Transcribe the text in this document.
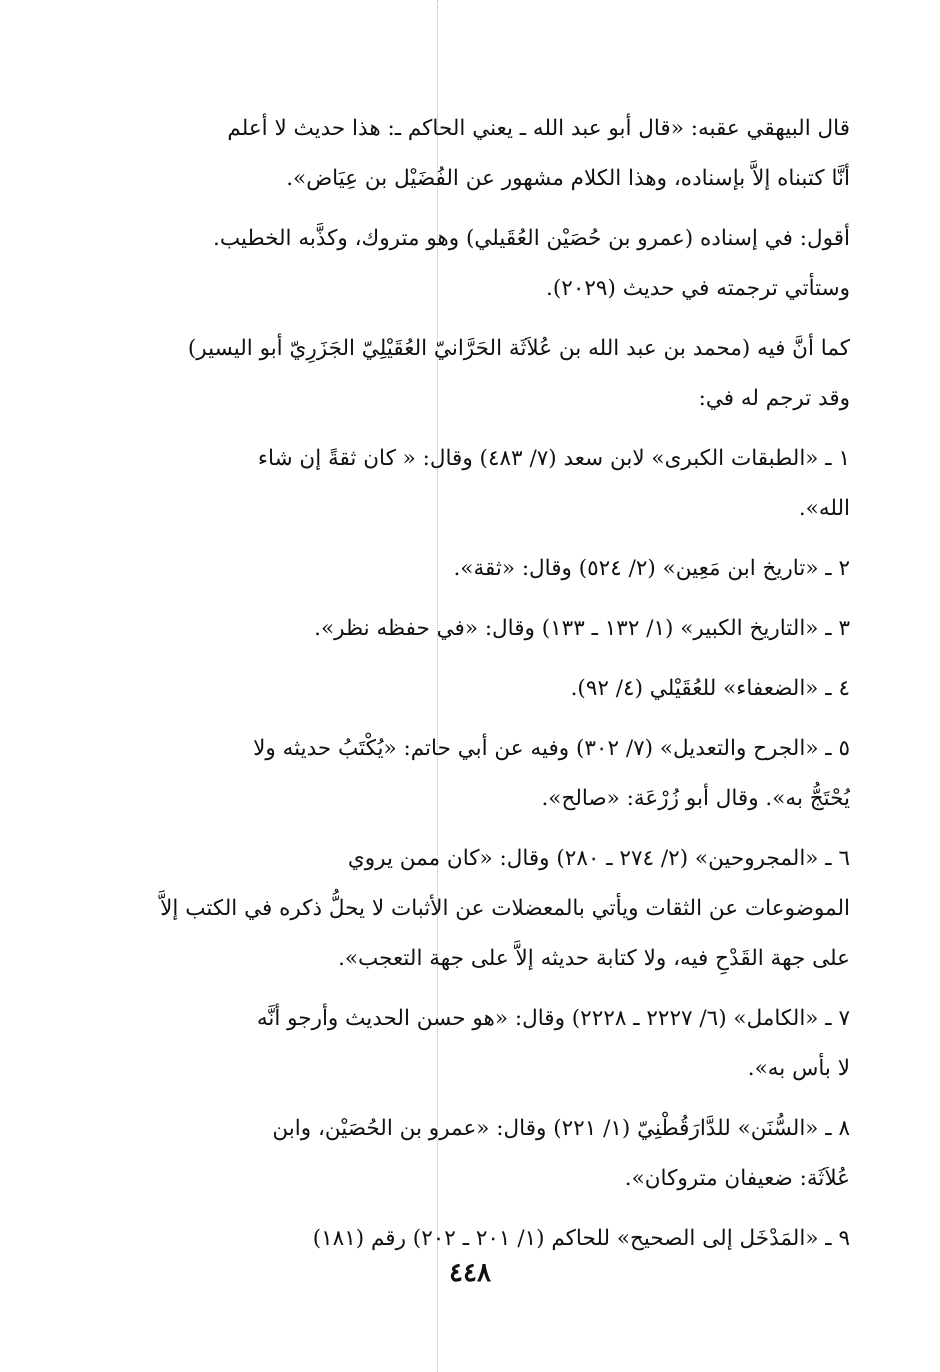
قال البيهقي عقبه: «قال أبو عبد الله ـ يعني الحاكم ـ: هذا حديث لا أعلم
أنَّا كتبناه إلاَّ بإسناده، وهذا الكلام مشهور عن الفُضَيْل بن عِيَاض».
أقول: في إسناده (عمرو بن حُصَيْن العُقَيلي) وهو متروك، وكذَّبه الخطيب.
وستأتي ترجمته في حديث (٢٠٢٩).
كما أنَّ فيه (محمد بن عبد الله بن عُلاَثَة الحَرَّانيّ العُقَيْلِيّ الجَزَرِيّ أبو اليسير)
وقد ترجم له في:
١ ـ «الطبقات الكبرى» لابن سعد (٧/ ٤٨٣) وقال: « كان ثقةً إن شاء
الله».
٢ ـ «تاريخ ابن مَعِين» (٢/ ٥٢٤) وقال: «ثقة».
٣ ـ «التاريخ الكبير» (١/ ١٣٢ ـ ١٣٣) وقال: «في حفظه نظر».
٤ ـ «الضعفاء» للعُقَيْلي (٤/ ٩٢).
٥ ـ «الجرح والتعديل» (٧/ ٣٠٢) وفيه عن أبي حاتم: «يُكْتَبُ حديثه ولا
يُحْتَجُّ به». وقال أبو زُرْعَة: «صالح».
٦ ـ «المجروحين» (٢/ ٢٧٤ ـ ٢٨٠) وقال: «كان ممن يروي
الموضوعات عن الثقات ويأتي بالمعضلات عن الأثبات لا يحلُّ ذكره في الكتب إلاَّ
على جهة القَدْحِ فيه، ولا كتابة حديثه إلاَّ على جهة التعجب».
٧ ـ «الكامل» (٦/ ٢٢٢٧ ـ ٢٢٢٨) وقال: «هو حسن الحديث وأرجو أنَّه
لا بأس به».
٨ ـ «السُّنَن» للدَّارَقُطْنِيّ (١/ ٢٢١) وقال: «عمرو بن الحُصَيْن، وابن
عُلاَثَة: ضعيفان متروكان».
٩ ـ «المَدْخَل إلى الصحيح» للحاكم (١/ ٢٠١ ـ ٢٠٢) رقم (١٨١)
٤٤٨
